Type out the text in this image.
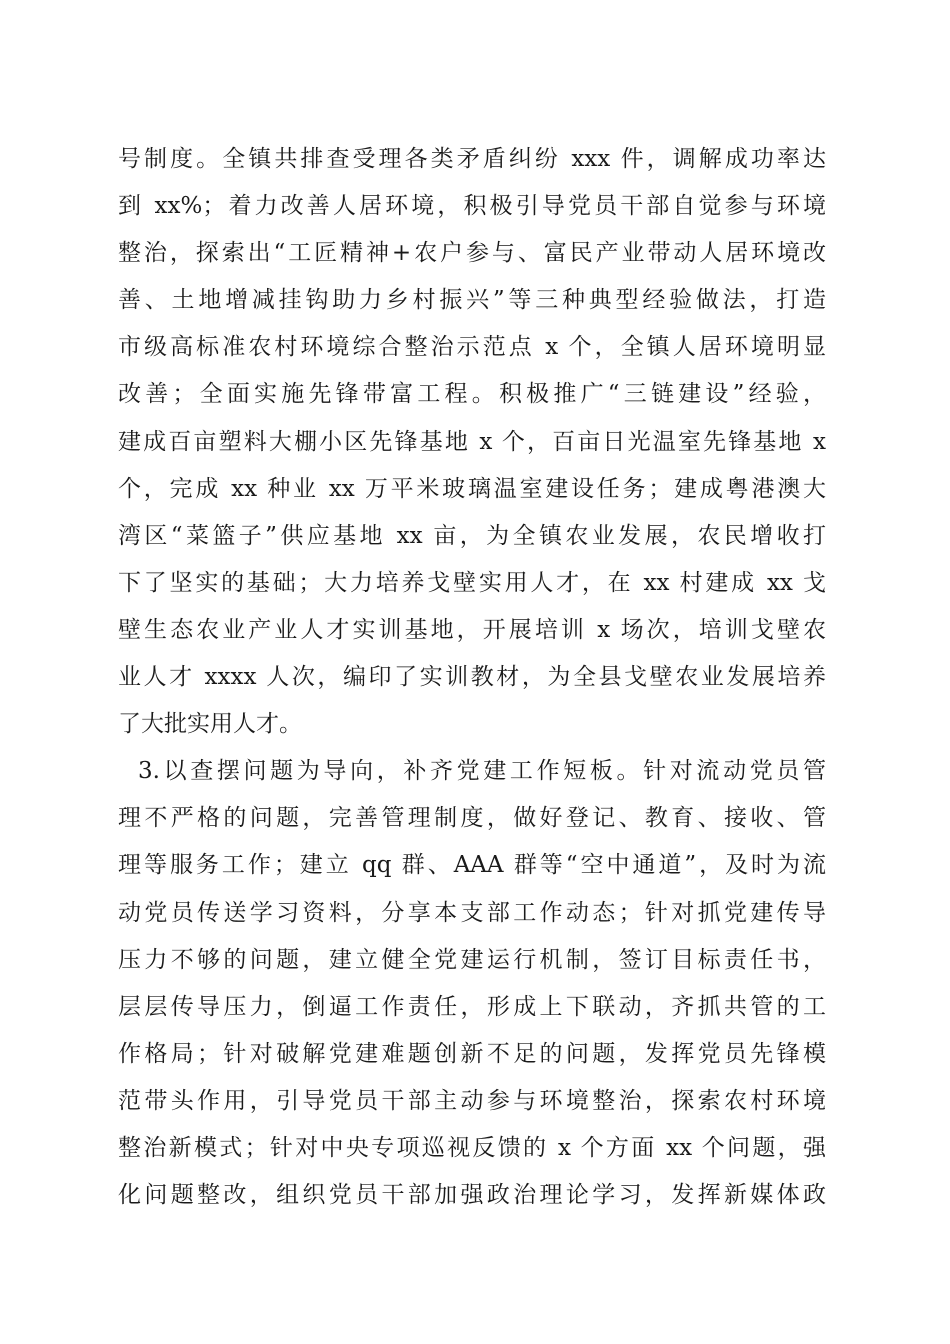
号制度。全镇共排查受理各类矛盾纠纷 xxx 件，调解成功率达
到 xx%；着力改善人居环境，积极引导党员干部自觉参与环境
整治，探索出“工匠精神+农户参与、富民产业带动人居环境改
善、土地增减挂钩助力乡村振兴”等三种典型经验做法，打造
市级高标准农村环境综合整治示范点 x 个，全镇人居环境明显
改善；全面实施先锋带富工程。积极推广“三链建设”经验，
建成百亩塑料大棚小区先锋基地 x 个，百亩日光温室先锋基地 x
个，完成 xx 种业 xx 万平米玻璃温室建设任务；建成粤港澳大
湾区“菜篮子”供应基地 xx 亩，为全镇农业发展，农民增收打
下了坚实的基础；大力培养戈壁实用人才，在 xx 村建成 xx 戈
壁生态农业产业人才实训基地，开展培训 x 场次，培训戈壁农
业人才 xxxx 人次，编印了实训教材，为全县戈壁农业发展培养
了大批实用人才。
3.以查摆问题为导向，补齐党建工作短板。针对流动党员管
理不严格的问题，完善管理制度，做好登记、教育、接收、管
理等服务工作；建立 qq 群、AAA 群等“空中通道”，及时为流
动党员传送学习资料，分享本支部工作动态；针对抓党建传导
压力不够的问题，建立健全党建运行机制，签订目标责任书，
层层传导压力，倒逼工作责任，形成上下联动，齐抓共管的工
作格局；针对破解党建难题创新不足的问题，发挥党员先锋模
范带头作用，引导党员干部主动参与环境整治，探索农村环境
整治新模式；针对中央专项巡视反馈的 x 个方面 xx 个问题，强
化问题整改，组织党员干部加强政治理论学习，发挥新媒体政
